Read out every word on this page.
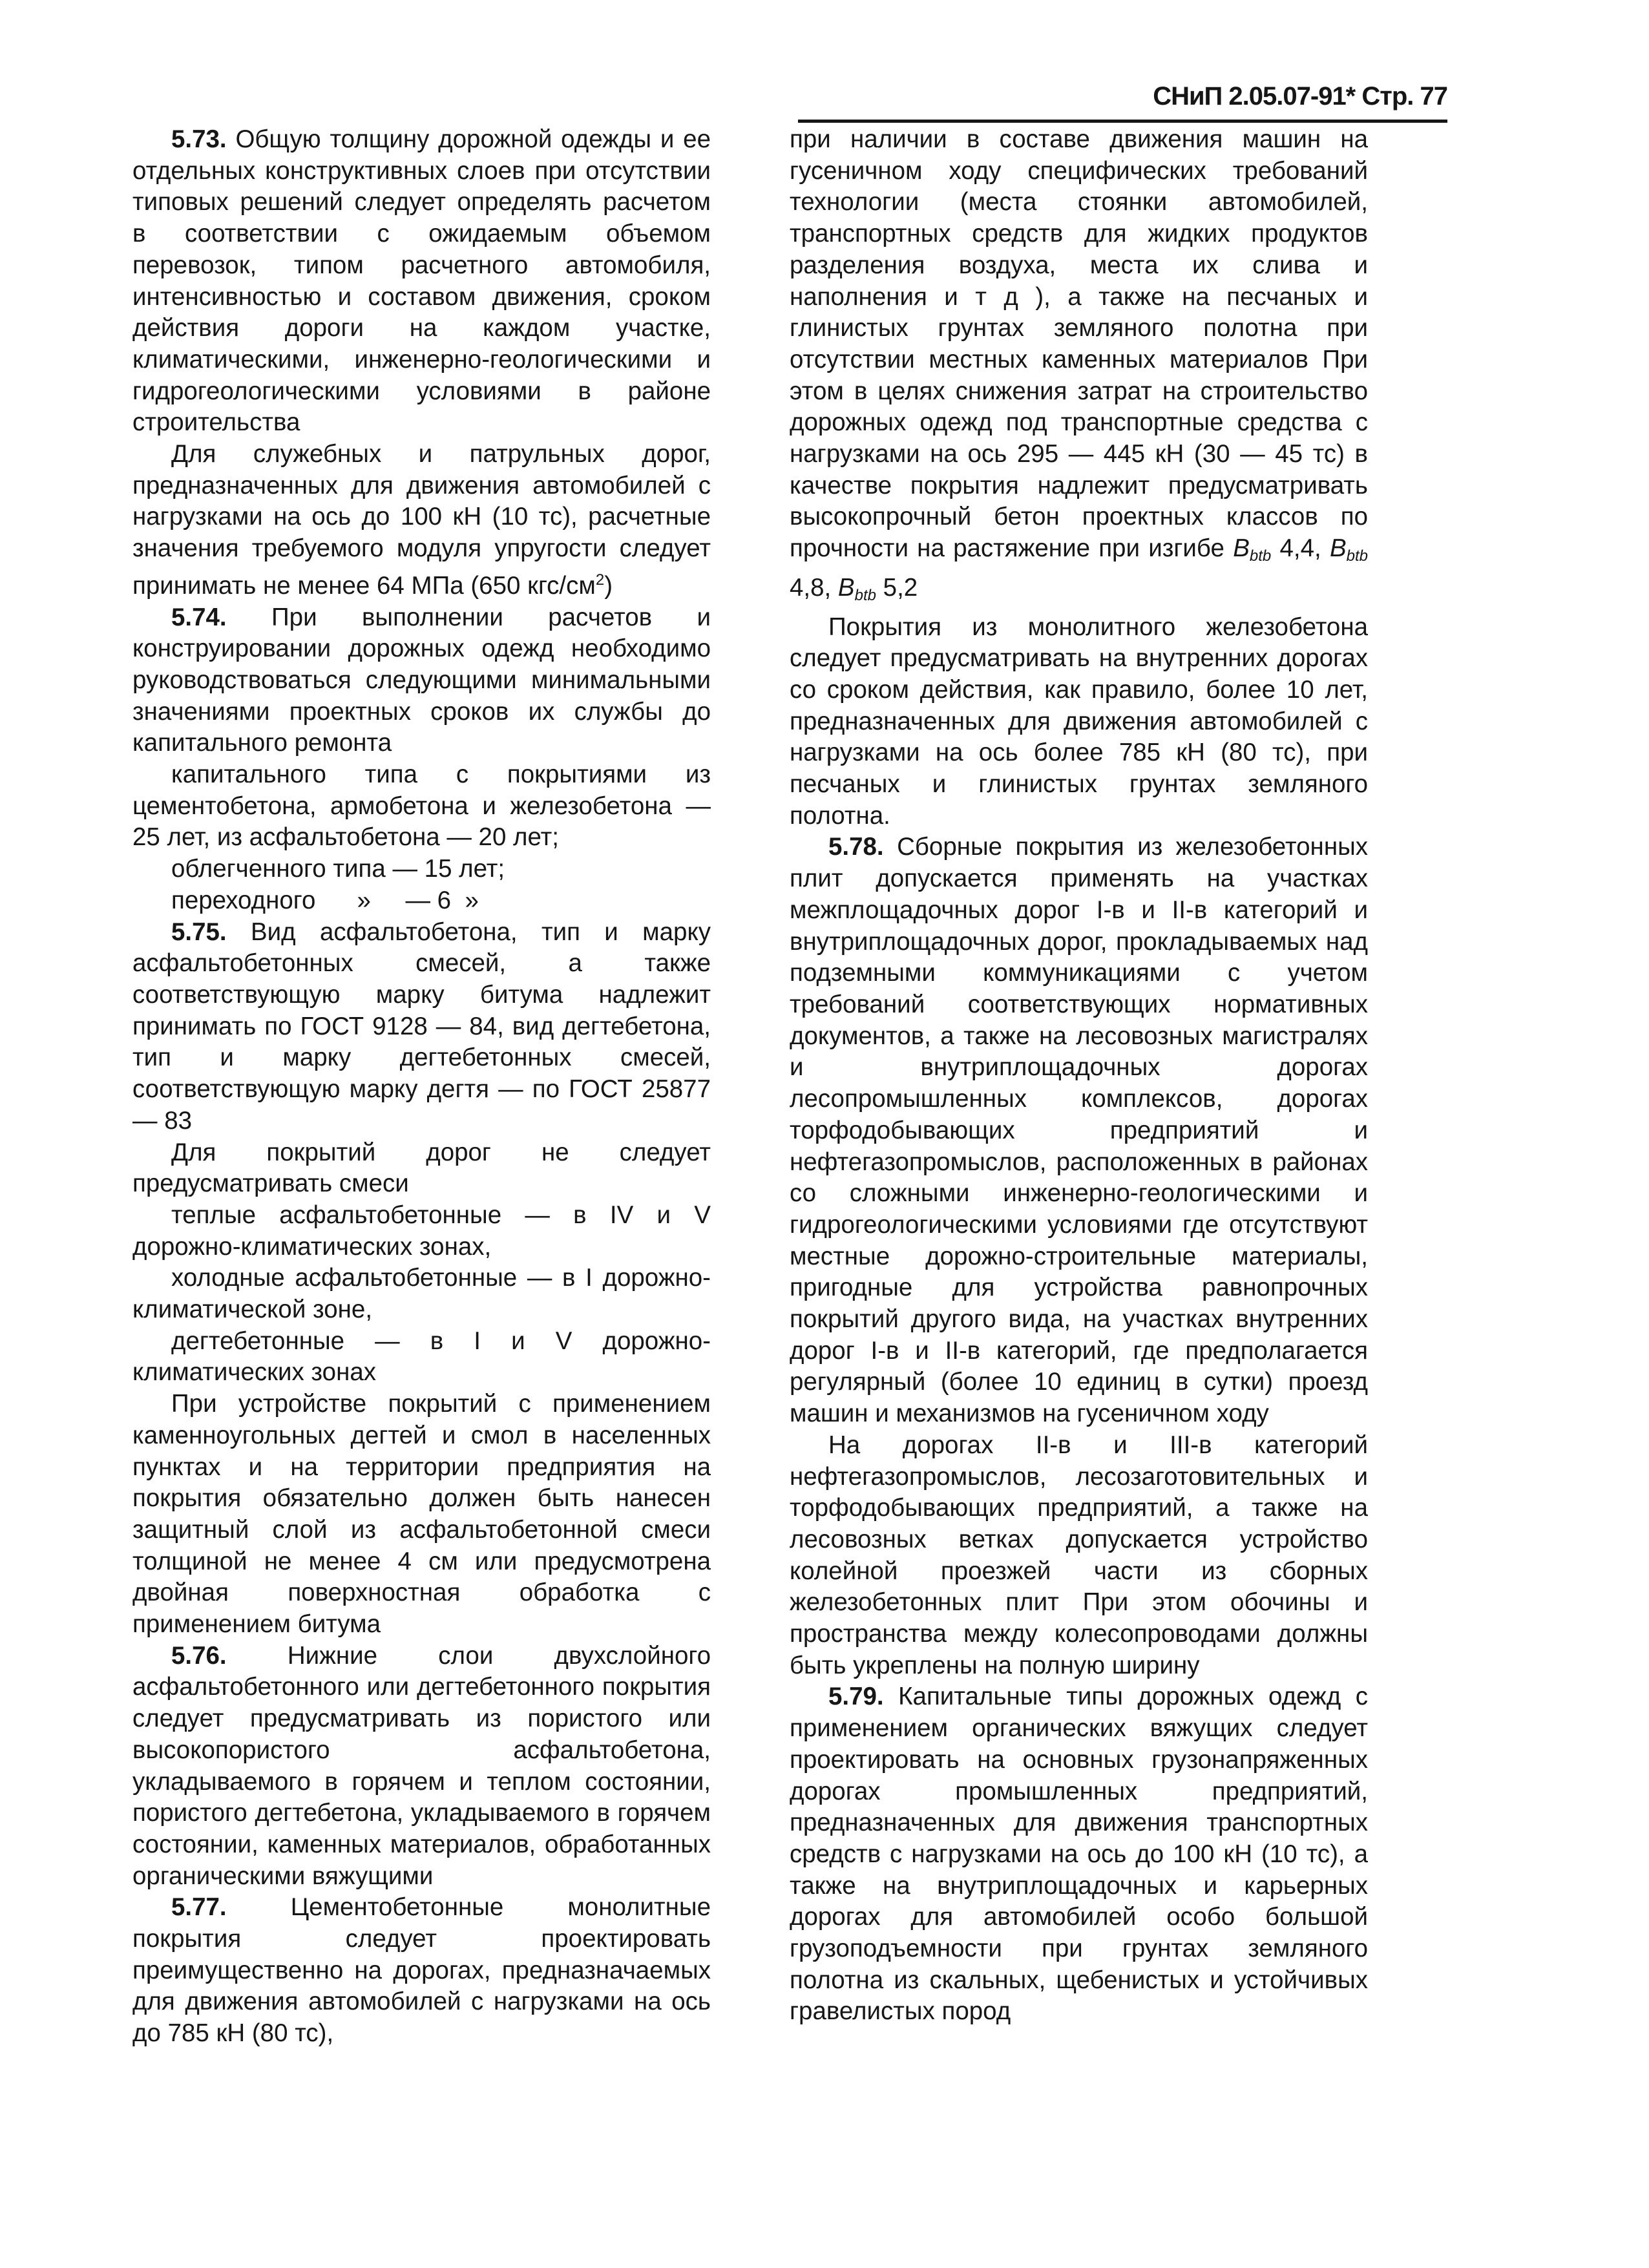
СНиП 2.05.07-91* Стр. 77

5.73. Общую толщину дорожной одежды и ее отдельных конструктивных слоев при отсутствии типовых решений следует определять расчетом в соответствии с ожидаемым объемом перевозок, типом расчетного автомобиля, интенсивностью и составом движения, сроком действия дороги на каждом участке, климатическими, инженерно-геологическими и гидрогеологическими условиями в районе строительства

Для служебных и патрульных дорог, предназначенных для движения автомобилей с нагрузками на ось до 100 кН (10 тс), расчетные значения требуемого модуля упругости следует принимать не менее 64 МПа (650 кгс/$см^2$)

5.74. При выполнении расчетов и конструировании дорожных одежд необходимо руководствоваться следующими минимальными значениями проектных сроков их службы до капитального ремонта

капитального типа с покрытиями из цементобетона, армобетона и железобетона — 25 лет, из асфальтобетона — 20 лет;

облегченного типа — 15 лет;

переходного      »     — 6  »

5.75. Вид асфальтобетона, тип и марку асфальтобетонных смесей, а также соответствующую марку битума надлежит принимать по ГОСТ 9128 — 84, вид дегтебетона, тип и марку дегтебетонных смесей, соответствующую марку дегтя — по ГОСТ 25877 — 83

Для покрытий дорог не следует предусматривать смеси

теплые асфальтобетонные — в IV и V дорожно-климатических зонах,

холодные асфальтобетонные — в I дорожно-климатической зоне,

дегтебетонные — в I и V дорожно-климатических зонах

При устройстве покрытий с применением каменноугольных дегтей и смол в населенных пунктах и на территории предприятия на покрытия обязательно должен быть нанесен защитный слой из асфальтобетонной смеси толщиной не менее 4 см или предусмотрена двойная поверхностная обработка с применением битума

5.76. Нижние слои двухслойного асфальтобетонного или дегтебетонного покрытия следует предусматривать из пористого или высокопористого асфальтобетона, укладываемого в горячем и теплом состоянии, пористого дегтебетона, укладываемого в горячем состоянии, каменных материалов, обработанных органическими вяжущими

5.77.	Цементобетонные монолитные покрытия следует проектировать преимущественно на дорогах, предназначаемых для движения автомобилей с нагрузками на ось до 785 кН (80 тс),

при наличии в составе движения машин на гусеничном ходу специфических требований технологии (места стоянки автомобилей, транспортных средств для жидких продуктов разделения воздуха, места их слива и наполнения и т д ), а также на песчаных и глинистых грунтах земляного полотна при отсутствии местных каменных материалов При этом в целях снижения затрат на строительство дорожных одежд под транспортные средства с нагрузками на ось 295 — 445 кН (30 — 45 тс) в качестве покрытия надлежит предусматривать высокопрочный бетон проектных классов по прочности на растяжение при изгибе $B_{btb}$ 4,4, $B_{btb}$ 4,8, $B_{btb}$ 5,2

Покрытия из монолитного железобетона следует предусматривать на внутренних дорогах со сроком действия, как правило, более 10 лет, предназначенных для движения автомобилей с нагрузками на ось более 785 кН (80 тс), при песчаных и глинистых грунтах земляного полотна.

5.78. Сборные покрытия из железобетонных плит допускается применять на участках межплощадочных дорог I-в и II-в категорий и внутриплощадочных дорог, прокладываемых над подземными коммуникациями с учетом требований соответствующих нормативных документов, а также на лесовозных магистралях и внутриплощадочных дорогах лесопромышленных комплексов, дорогах торфодобывающих предприятий и нефтегазопромыслов, расположенных в районах со сложными инженерно-геологическими и гидрогеологическими условиями где отсутствуют местные дорожно-строительные материалы, пригодные для устройства равнопрочных покрытий другого вида, на участках внутренних дорог I-в и II-в категорий, где предполагается регулярный (более 10 единиц в сутки) проезд машин и механизмов на гусеничном ходу

На дорогах II-в и III-в категорий нефтегазопромыслов, лесозаготовительных и торфодобывающих предприятий, а также на лесовозных ветках допускается устройство колейной проезжей части из сборных железобетонных плит При этом обочины и пространства между колесопроводами должны быть укреплены на полную ширину

5.79. Капитальные типы дорожных одежд с применением органических вяжущих следует проектировать на основных грузонапряженных дорогах промышленных предприятий, предназначенных для движения транспортных средств с нагрузками на ось до 100 кН (10 тс), а также на внутриплощадочных и карьерных дорогах для автомобилей особо большой грузоподъемности при грунтах земляного полотна из скальных, щебенистых и устойчивых гравелистых пород
